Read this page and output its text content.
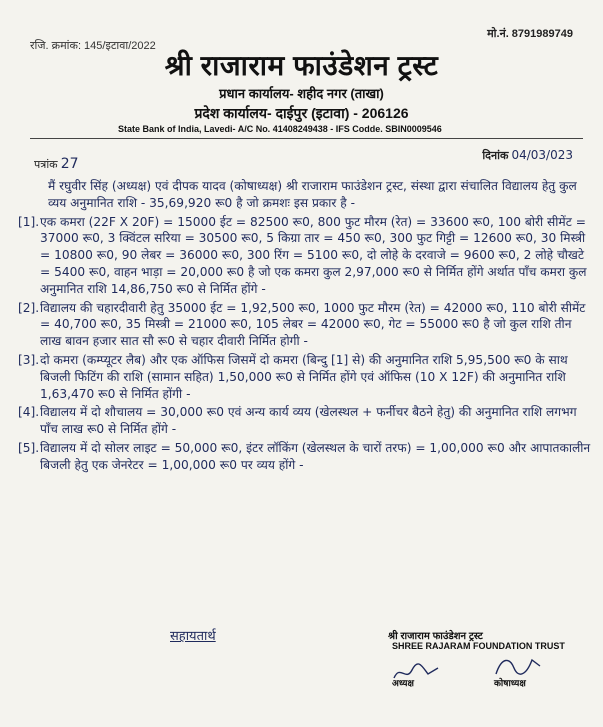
रजि. क्रमांक: 145/इटावा/2022
मो.नं. 8791989749
श्री राजाराम फाउंडेशन ट्रस्ट
प्रधान कार्यालय- शहीद नगर (ताखा)
प्रदेश कार्यालय- दाईपुर (इटावा) - 206126
State Bank of India, Lavedi- A/C No. 41408249438 - IFS Codde. SBIN0009546
पत्रांक 27	दिनांक 04/03/023

मैं रघुवीर सिंह (अध्यक्ष) एवं दीपक यादव (कोषाध्यक्ष) श्री राजाराम फाउंडेशन ट्रस्ट, संस्था द्वारा संचालित विद्यालय हेतु कुल व्यय अनुमानित राशि - 35,69,920 रू0 है जो क्रमशः इस प्रकार है -

[1]. एक कमरा (22F X 20F) = 15000 ईट = 82500 रू0, 800 फुट मौरम (रेत) = 33600 रू0, 100 बोरी सीमेंट = 37000 रू0, 3 क्विंटल सरिया = 30500 रू0, 5 किग्रा तार = 450 रू0, 300 फुट गिट्टी = 12600 रू0, 30 मिस्त्री = 10800 रू0, 90 लेबर = 36000 रू0, 300 रिंग = 5100 रू0, दो लोहे के दरवाजे = 9600 रू0, 2 लोहे चौखटे = 5400 रू0, वाहन भाड़ा = 20,000 रू0 है जो एक कमरा कुल 2,97,000 रू0 से निर्मित होंगे अर्थात पाँच कमरा कुल अनुमानित राशि 14,86,750 रू0 से निर्मित होंगे -
[2]. विद्यालय की चहारदीवारी हेतु 35000 ईट = 1,92,500 रू0, 1000 फुट मौरम (रेत) = 42000 रू0, 110 बोरी सीमेंट = 40,700 रू0, 35 मिस्त्री = 21000 रू0, 105 लेबर = 42000 रू0, गेट = 55000 रू0 है जो कुल राशि तीन लाख बावन हजार सात सौ रू0 से चहार दीवारी निर्मित होगी -
[3]. दो कमरा (कम्प्यूटर लैब) और एक ऑफिस जिसमें दो कमरा (बिन्दु [1] से) की अनुमानित राशि 5,95,500 रू0 के साथ बिजली फिटिंग की राशि (सामान सहित) 1,50,000 रू0 से निर्मित होंगे एवं ऑफिस (10 X 12F) की अनुमानित राशि 1,63,470 रू0 से निर्मित होंगी -
[4]. विद्यालय में दो शौचालय = 30,000 रू0 एवं अन्य कार्य व्यय (खेलस्थल + फर्नीचर बैठने हेतु) की अनुमानित राशि लगभग पाँच लाख रू0 से निर्मित होंगे -
[5]. विद्यालय में दो सोलर लाइट = 50,000 रू0, इंटर लॉकिंग (खेलस्थल के चारों तरफ) = 1,00,000 रू0 और आपातकालीन बिजली हेतु एक जेनरेटर = 1,00,000 रू0 पर व्यय होंगे -
सहायतार्थ	श्री राजाराम फाउंडेशन ट्रस्ट
SHREE RAJARAM FOUNDATION TRUST
अध्यक्ष	कोषाध्यक्ष
